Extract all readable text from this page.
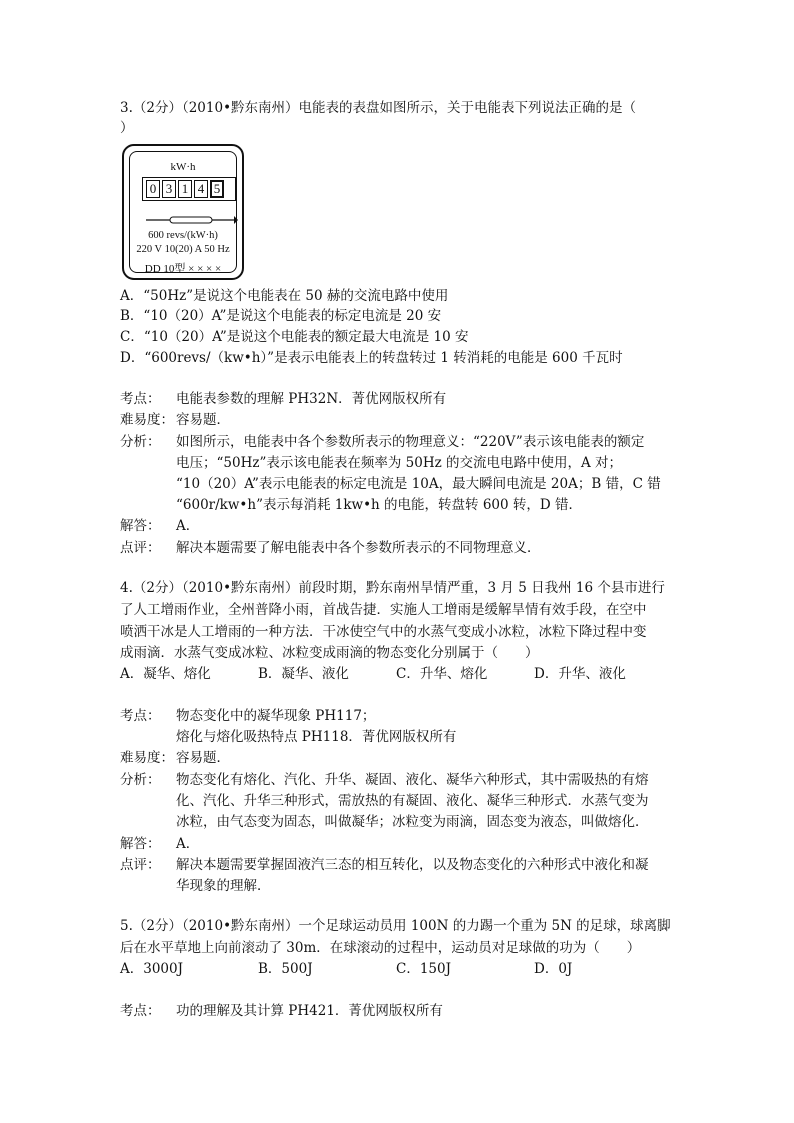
3.（2分）（2010•黔东南州）电能表的表盘如图所示，关于电能表下列说法正确的是（
）
kW·h
0 3 1 4 5
600 revs/(kW·h)
220 V 10(20) A 50 Hz
DD 10型 × × × ×
A．“50Hz”是说这个电能表在 50 赫的交流电路中使用
B．“10（20）A”是说这个电能表的标定电流是 20 安
C．“10（20）A”是说这个电能表的额定最大电流是 10 安
D．“600revs/（kw•h）”是表示电能表上的转盘转过 1 转消耗的电能是 600 千瓦时
考点：	电能表参数的理解 PH32N．菁优网版权所有
难易度： 容易题．
分析：	如图所示，电能表中各个参数所表示的物理意义：“220V”表示该电能表的额定
电压；“50Hz”表示该电能表在频率为 50Hz 的交流电电路中使用，A 对；
“10（20）A”表示电能表的标定电流是 10A，最大瞬间电流是 20A；B 错，C 错
“600r/kw•h”表示每消耗 1kw•h 的电能，转盘转 600 转，D 错．
解答：	A．
点评：	解决本题需要了解电能表中各个参数所表示的不同物理意义．
4.（2分）（2010•黔东南州）前段时期，黔东南州旱情严重，3 月 5 日我州 16 个县市进行
了人工增雨作业，全州普降小雨，首战告捷．实施人工增雨是缓解旱情有效手段，在空中
喷洒干冰是人工增雨的一种方法．干冰使空气中的水蒸气变成小冰粒，冰粒下降过程中变
成雨滴．水蒸气变成冰粒、冰粒变成雨滴的物态变化分别属于（　　）
A．凝华、熔化	B．凝华、液化	C．升华、熔化	D．升华、液化
考点：	物态变化中的凝华现象 PH117；
熔化与熔化吸热特点 PH118．菁优网版权所有
难易度： 容易题．
分析：	物态变化有熔化、汽化、升华、凝固、液化、凝华六种形式，其中需吸热的有熔
化、汽化、升华三种形式，需放热的有凝固、液化、凝华三种形式．水蒸气变为
冰粒，由气态变为固态，叫做凝华；冰粒变为雨滴，固态变为液态，叫做熔化．
解答：	A．
点评：	解决本题需要掌握固液汽三态的相互转化，以及物态变化的六种形式中液化和凝
华现象的理解．
5.（2分）（2010•黔东南州）一个足球运动员用 100N 的力踢一个重为 5N 的足球，球离脚
后在水平草地上向前滚动了 30m．在球滚动的过程中，运动员对足球做的功为（　　）
A．3000J	B．500J	C．150J	D．0J
考点：	功的理解及其计算 PH421．菁优网版权所有
